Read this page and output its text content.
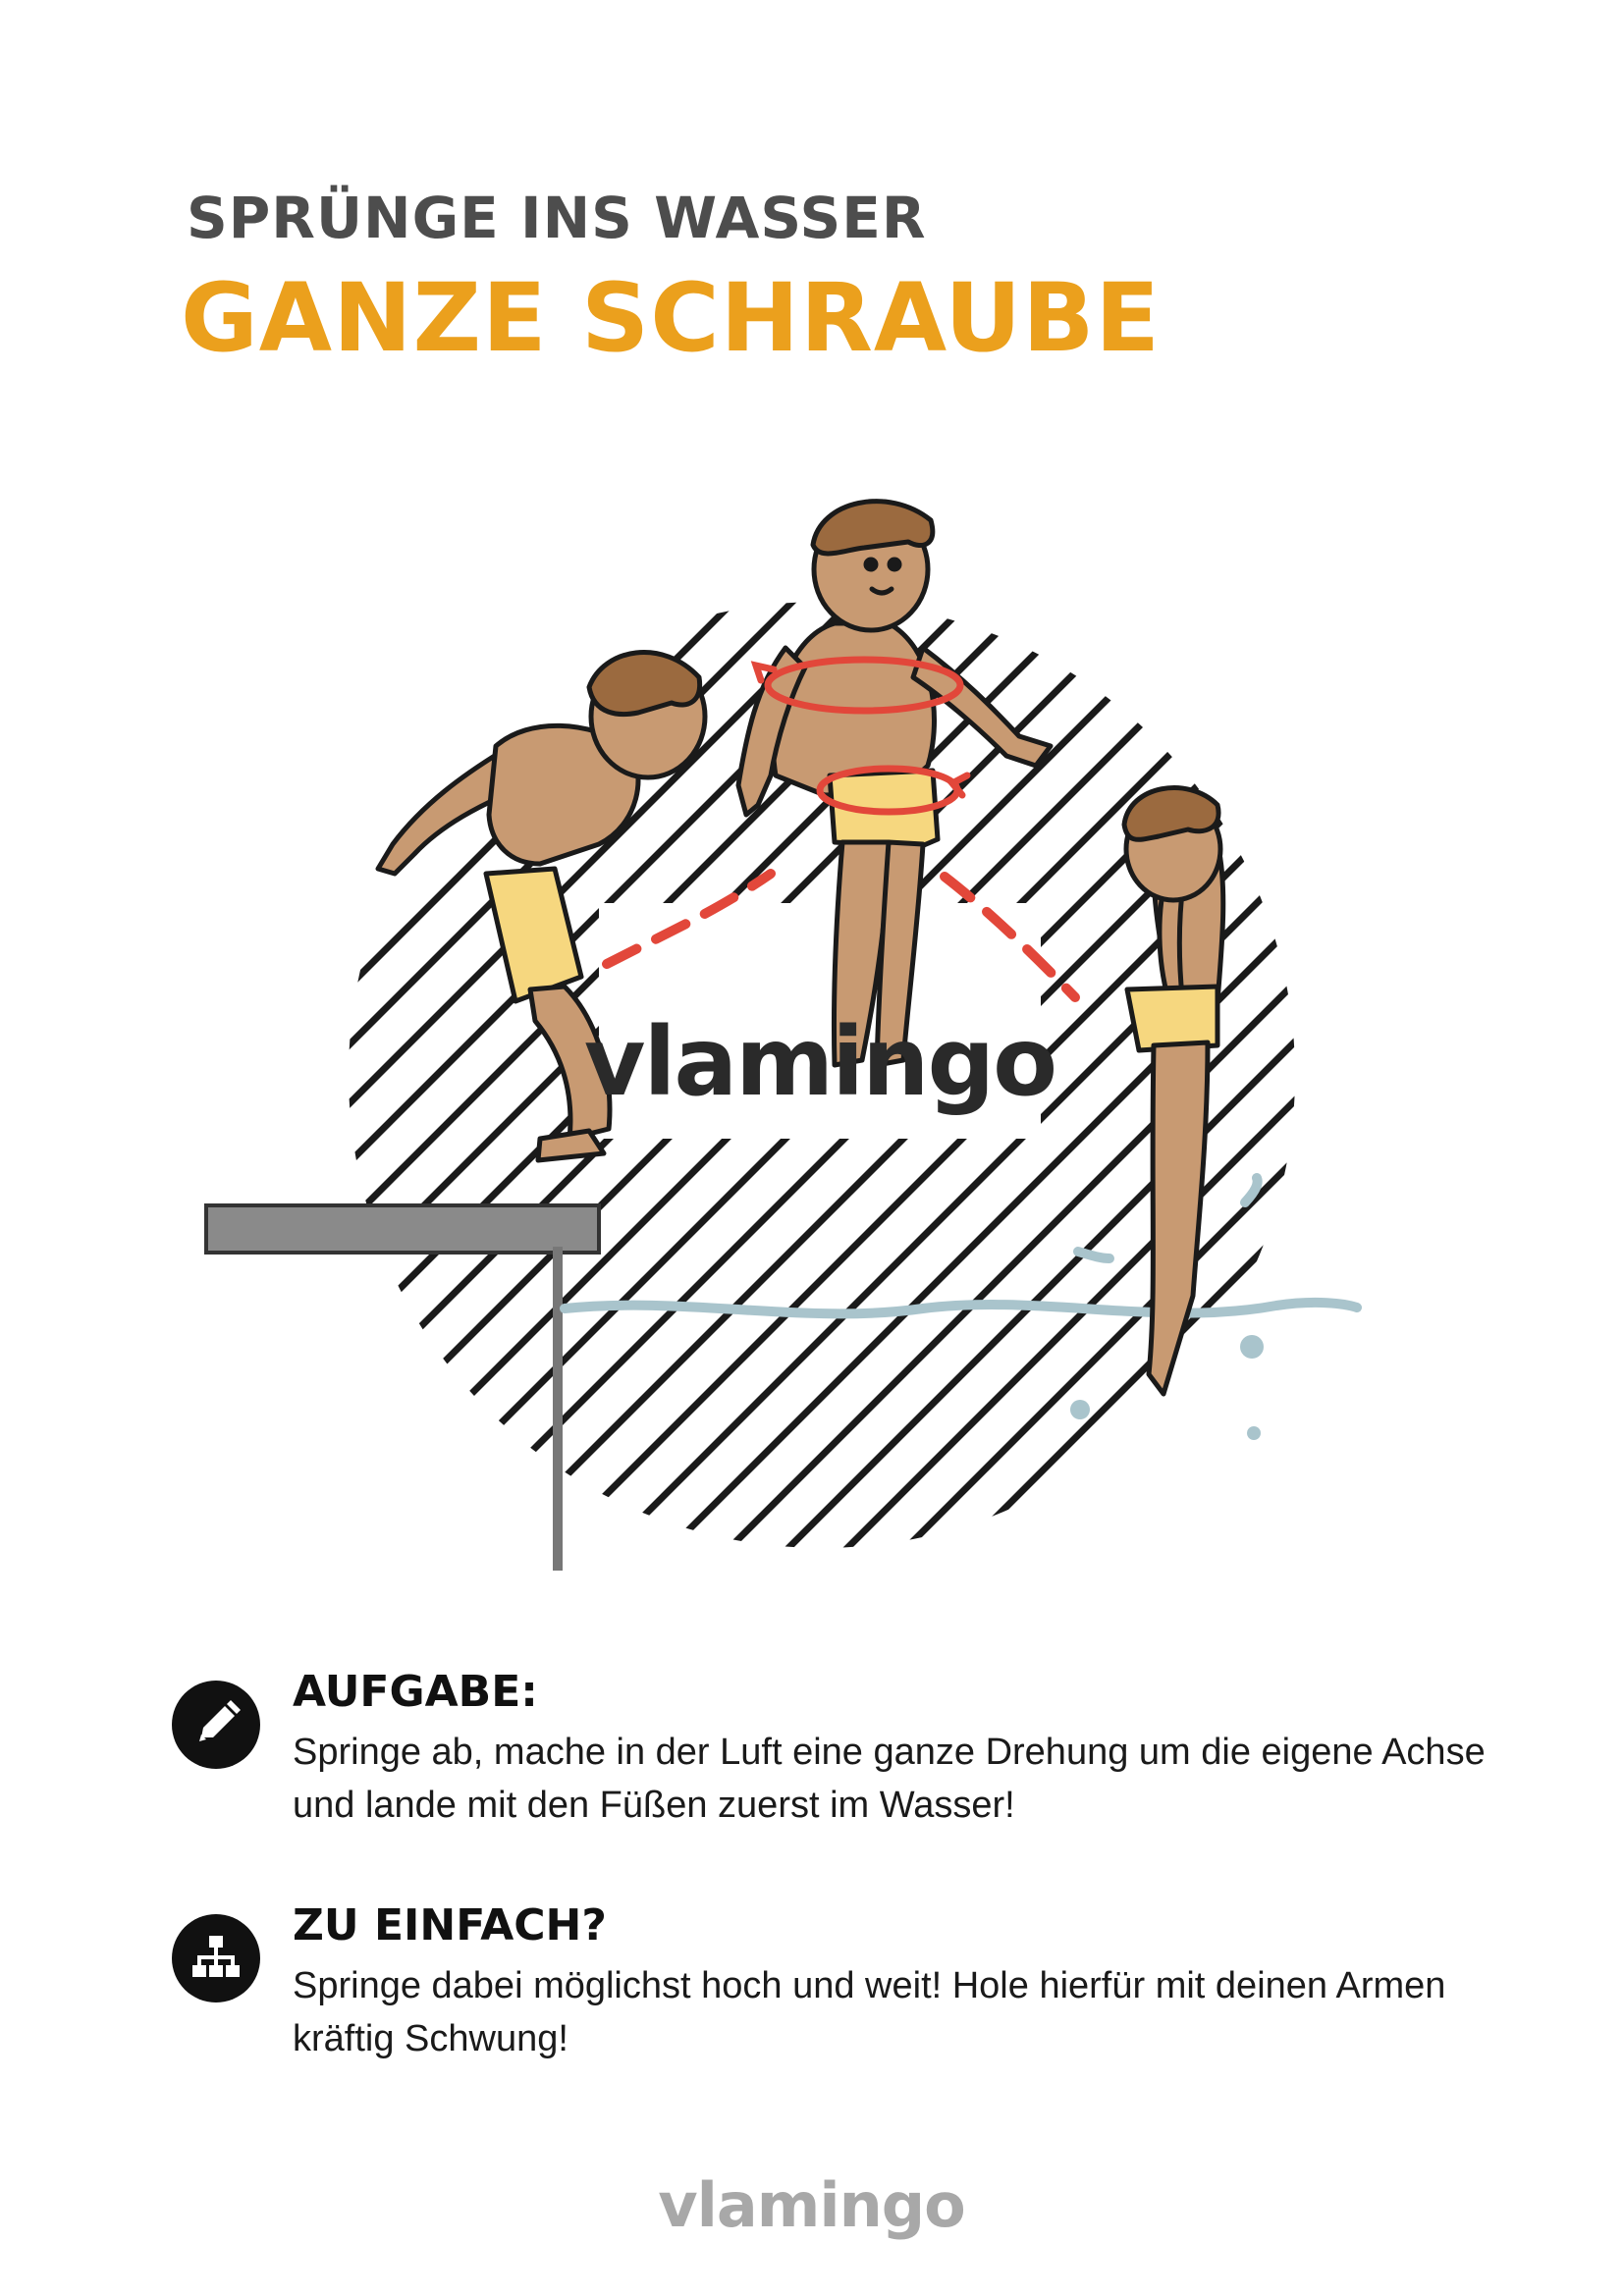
SPRÜNGE INS WASSER
GANZE SCHRAUBE
vlamingo
AUFGABE:
Springe ab, mache in der Luft eine ganze Drehung um die eigene Achse und lande mit den Füßen zuerst im Wasser!
ZU EINFACH?
Springe dabei möglichst hoch und weit! Hole hierfür mit deinen Armen kräftig Schwung!
vlamingo
